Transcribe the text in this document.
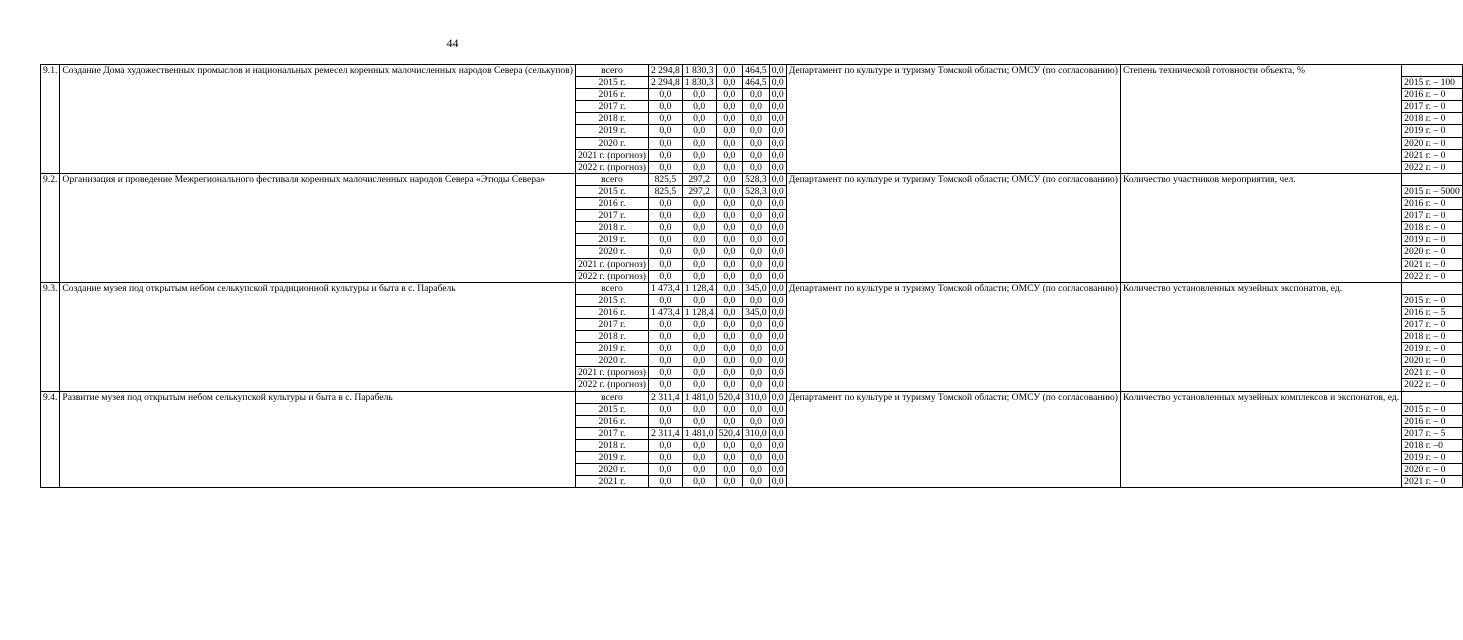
44
9.1.	Создание Дома художественных промыслов и национальных ремесел коренных малочисленных народов Севера (селькупов)	всего	2 294,8	1 830,3	0,0	464,5	0,0	Департамент по культуре и туризму Томской области; ОМСУ (по согласованию)	Степень технической готовности объекта, %	
		2015 г.	2 294,8	1 830,3	0,0	464,5	0,0			2015 г. – 100
		2016 г.	0,0	0,0	0,0	0,0	0,0			2016 г. – 0
		2017 г.	0,0	0,0	0,0	0,0	0,0			2017 г. – 0
		2018 г.	0,0	0,0	0,0	0,0	0,0			2018 г. – 0
		2019 г.	0,0	0,0	0,0	0,0	0,0			2019 г. – 0
		2020 г.	0,0	0,0	0,0	0,0	0,0			2020 г. – 0
		2021 г. (прогноз)	0,0	0,0	0,0	0,0	0,0			2021 г. – 0
		2022 г. (прогноз)	0,0	0,0	0,0	0,0	0,0			2022 г. – 0
9.2.	Организация и проведение Межрегионального фестиваля коренных малочисленных народов Севера «Этюды Севера»	всего	825,5	297,2	0,0	528,3	0,0	Департамент по культуре и туризму Томской области; ОМСУ (по согласованию)	Количество участников мероприятия, чел.	
		2015 г.	825,5	297,2	0,0	528,3	0,0			2015 г. – 5000
		2016 г.	0,0	0,0	0,0	0,0	0,0			2016 г. – 0
		2017 г.	0,0	0,0	0,0	0,0	0,0			2017 г. – 0
		2018 г.	0,0	0,0	0,0	0,0	0,0			2018 г. – 0
		2019 г.	0,0	0,0	0,0	0,0	0,0			2019 г. – 0
		2020 г.	0,0	0,0	0,0	0,0	0,0			2020 г. – 0
		2021 г. (прогноз)	0,0	0,0	0,0	0,0	0,0			2021 г. – 0
		2022 г. (прогноз)	0,0	0,0	0,0	0,0	0,0			2022 г. – 0
9.3.	Создание музея под открытым небом селькупской традиционной культуры и быта в с. Парабель	всего	1 473,4	1 128,4	0,0	345,0	0,0	Департамент по культуре и туризму Томской области; ОМСУ (по согласованию)	Количество установленных музейных экспонатов, ед.	
		2015 г.	0,0	0,0	0,0	0,0	0,0			2015 г. – 0
		2016 г.	1 473,4	1 128,4	0,0	345,0	0,0			2016 г. – 5
		2017 г.	0,0	0,0	0,0	0,0	0,0			2017 г. – 0
		2018 г.	0,0	0,0	0,0	0,0	0,0			2018 г. – 0
		2019 г.	0,0	0,0	0,0	0,0	0,0			2019 г. – 0
		2020 г.	0,0	0,0	0,0	0,0	0,0			2020 г. – 0
		2021 г. (прогноз)	0,0	0,0	0,0	0,0	0,0			2021 г. – 0
		2022 г. (прогноз)	0,0	0,0	0,0	0,0	0,0			2022 г. – 0
9.4.	Развитие музея под открытым небом селькупской культуры и быта в с. Парабель	всего	2 311,4	1 481,0	520,4	310,0	0,0	Департамент по культуре и туризму Томской области; ОМСУ (по согласованию)	Количество установленных музейных комплексов и экспонатов, ед.	
		2015 г.	0,0	0,0	0,0	0,0	0,0			2015 г. – 0
		2016 г.	0,0	0,0	0,0	0,0	0,0			2016 г. – 0
		2017 г.	2 311,4	1 481,0	520,4	310,0	0,0			2017 г. – 5
		2018 г.	0,0	0,0	0,0	0,0	0,0			2018 г. –0
		2019 г.	0,0	0,0	0,0	0,0	0,0			2019 г. – 0
		2020 г.	0,0	0,0	0,0	0,0	0,0			2020 г. – 0
		2021 г.	0,0	0,0	0,0	0,0	0,0			2021 г. – 0
